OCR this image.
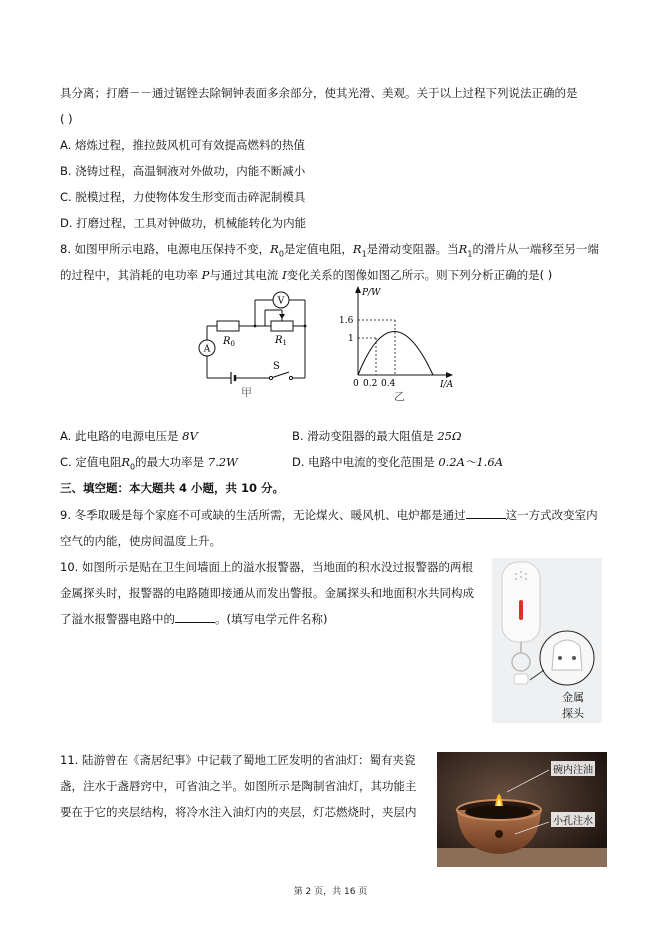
具分离；打磨－－通过锯锉去除铜钟表面多余部分，使其光滑、美观。关于以上过程下列说法正确的是
( )
A. 熔炼过程，推拉鼓风机可有效提高燃料的热值
B. 浇铸过程，高温铜液对外做功，内能不断减小
C. 脱模过程，力使物体发生形变而击碎泥制模具
D. 打磨过程，工具对钟做功，机械能转化为内能
8. 如图甲所示电路，电源电压保持不变，$R_0$是定值电阻，$R_1$是滑动变阻器。当$R_1$的滑片从一端移至另一端
的过程中，其消耗的电功率 P与通过其电流 I变化关系的图像如图乙所示。则下列分析正确的是( )
V
A
$R_0$	$R_1$
S
甲
P/W
I/A
1.6
1
0 0.2 0.4
乙
A. 此电路的电源电压是 8V	B. 滑动变阻器的最大阻值是 25Ω
C. 定值电阻$R_0$的最大功率是 7.2W	D. 电路中电流的变化范围是 0.2A～1.6A
三、填空题：本大题共 4 小题，共 10 分。
9. 冬季取暖是每个家庭不可或缺的生活所需，无论煤火、暖风机、电炉都是通过	这一方式改变室内
空气的内能，使房间温度上升。
10. 如图所示是贴在卫生间墙面上的溢水报警器，当地面的积水没过报警器的两根
金属探头时，报警器的电路随即接通从而发出警报。金属探头和地面积水共同构成
了溢水报警器电路中的	。(填写电学元件名称)
金属
探头
11. 陆游曾在《斋居纪事》中记载了蜀地工匠发明的省油灯：蜀有夹瓷
盏，注水于盏唇窍中，可省油之半。如图所示是陶制省油灯，其功能主
要在于它的夹层结构，将冷水注入油灯内的夹层，灯芯燃烧时，夹层内
碗内注油
小孔注水
第 2 页，共 16 页
